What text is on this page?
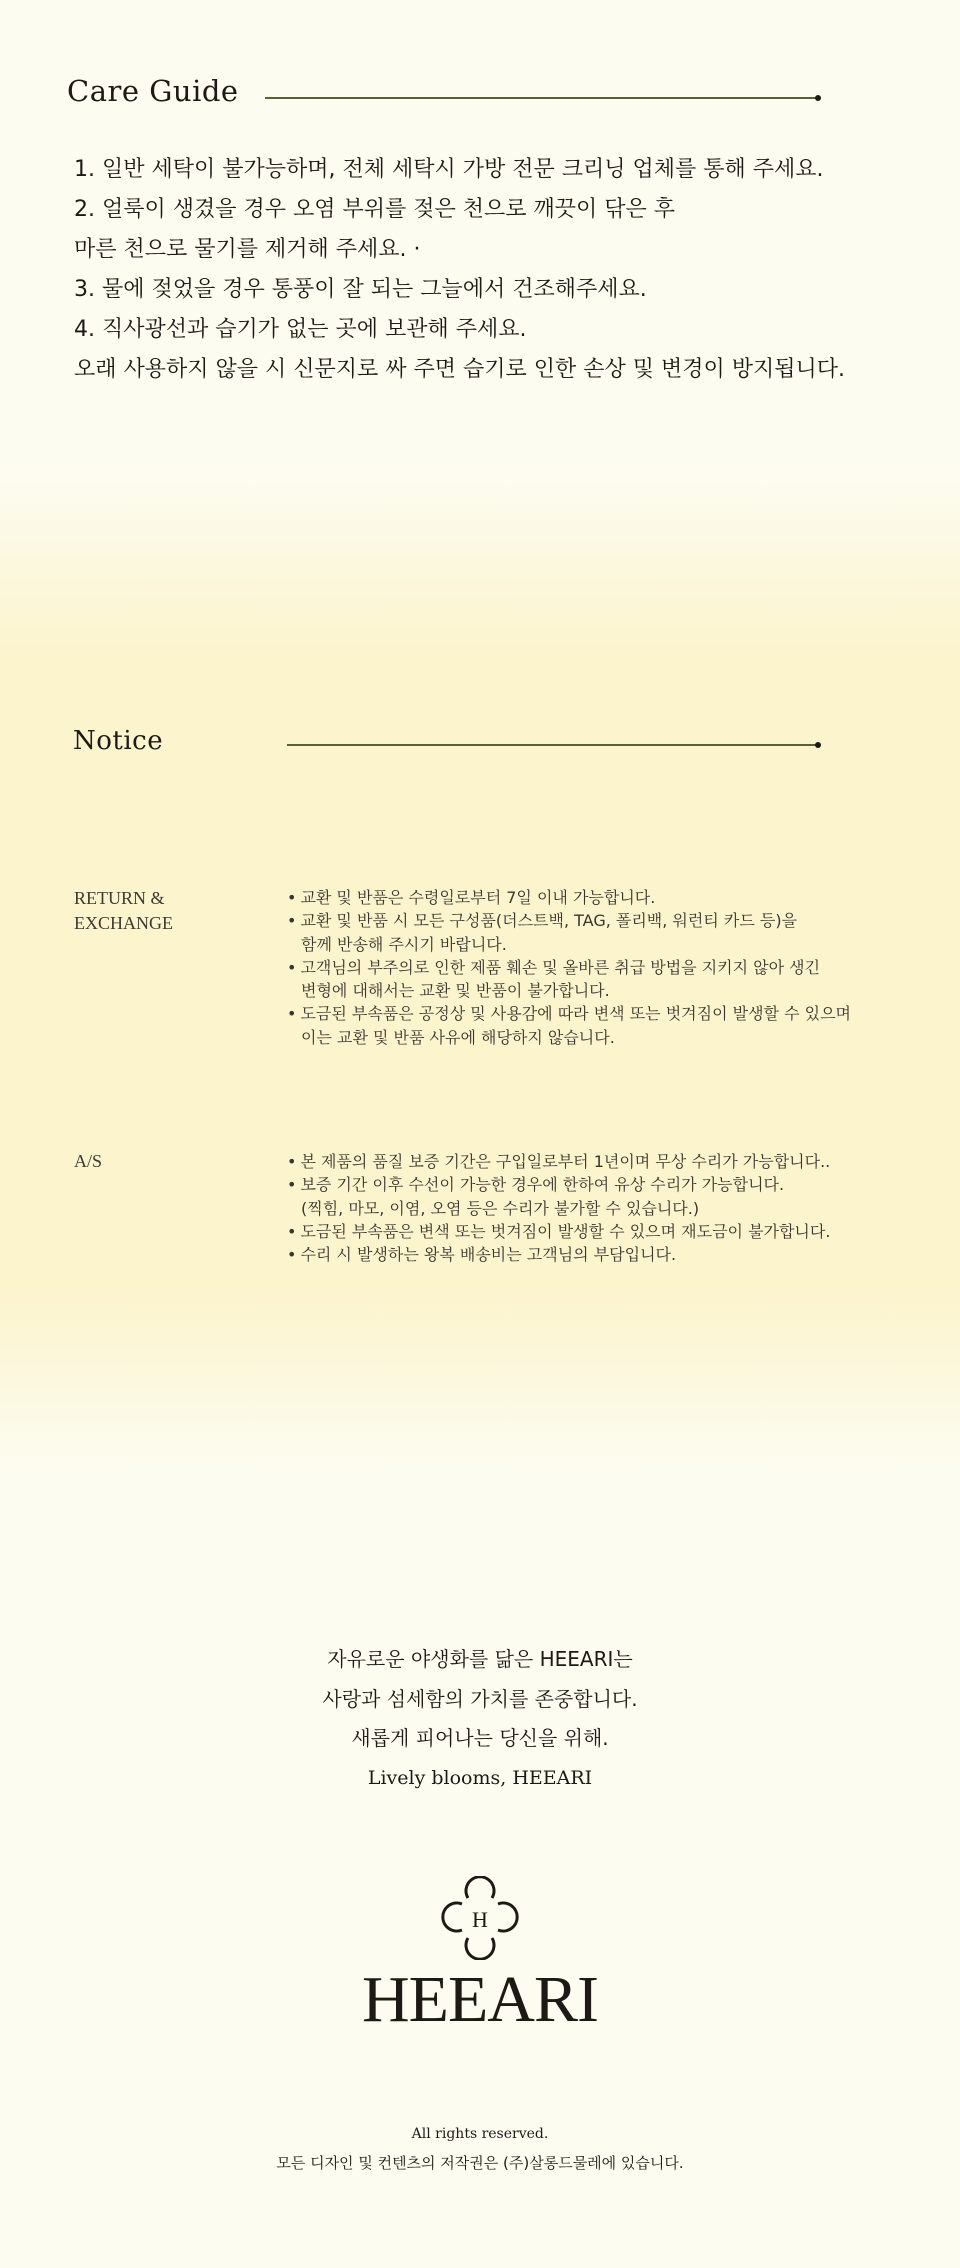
Care Guide
1. 일반 세탁이 불가능하며, 전체 세탁시 가방 전문 크리닝 업체를 통해 주세요.
2. 얼룩이 생겼을 경우 오염 부위를 젖은 천으로 깨끗이 닦은 후
마른 천으로 물기를 제거해 주세요. ·
3. 물에 젖었을 경우 통풍이 잘 되는 그늘에서 건조해주세요.
4. 직사광선과 습기가 없는 곳에 보관해 주세요.
오래 사용하지 않을 시 신문지로 싸 주면 습기로 인한 손상 및 변경이 방지됩니다.
Notice
RETURN &
EXCHANGE
• 교환 및 반품은 수령일로부터 7일 이내 가능합니다.
• 교환 및 반품 시 모든 구성품(더스트백, TAG, 폴리백, 워런티 카드 등)을
함께 반송해 주시기 바랍니다.
• 고객님의 부주의로 인한 제품 훼손 및 올바른 취급 방법을 지키지 않아 생긴
변형에 대해서는 교환 및 반품이 불가합니다.
• 도금된 부속품은 공정상 및 사용감에 따라 변색 또는 벗겨짐이 발생할 수 있으며
이는 교환 및 반품 사유에 해당하지 않습니다.
A/S	• 본 제품의 품질 보증 기간은 구입일로부터 1년이며 무상 수리가 가능합니다..
• 보증 기간 이후 수선이 가능한 경우에 한하여 유상 수리가 가능합니다.
(찍힘, 마모, 이염, 오염 등은 수리가 불가할 수 있습니다.)
• 도금된 부속품은 변색 또는 벗겨짐이 발생할 수 있으며 재도금이 불가합니다.
• 수리 시 발생하는 왕복 배송비는 고객님의 부담입니다.
자유로운 야생화를 닮은 HEEARI는
사랑과 섬세함의 가치를 존중합니다.
새롭게 피어나는 당신을 위해.
Lively blooms, HEEARI
H
HEEARI
All rights reserved.
모든 디자인 및 컨텐츠의 저작권은 (주)살롱드물레에 있습니다.
